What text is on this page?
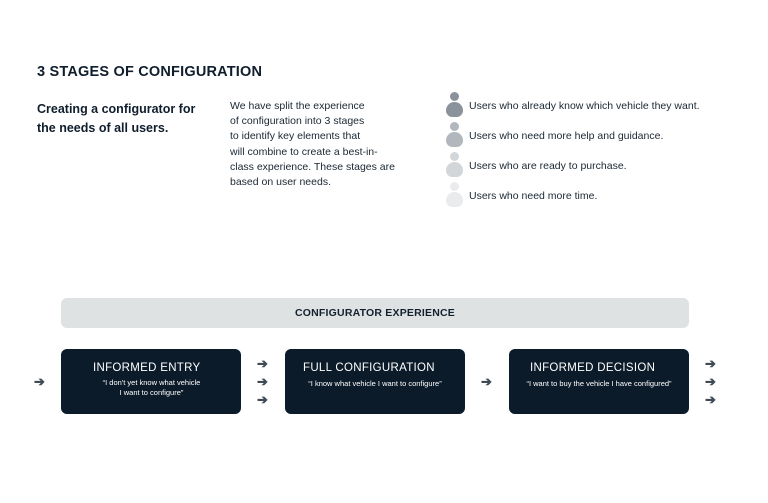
3 STAGES OF CONFIGURATION
Creating a configurator for
the needs of all users.
We have split the experience
of configuration into 3 stages
to identify key elements that
will combine to create a best-in-
class experience. These stages are
based on user needs.
Users who already know which vehicle they want.
Users who need more help and guidance.
Users who are ready to purchase.
Users who need more time.
CONFIGURATOR EXPERIENCE
➔
INFORMED ENTRY
“I don't yet know what vehicle
I want to configure”
➔
➔
➔
FULL CONFIGURATION
“I know what vehicle I want to configure”	➔
INFORMED DECISION
“I want to buy the vehicle I have configured”
➔
➔
➔
